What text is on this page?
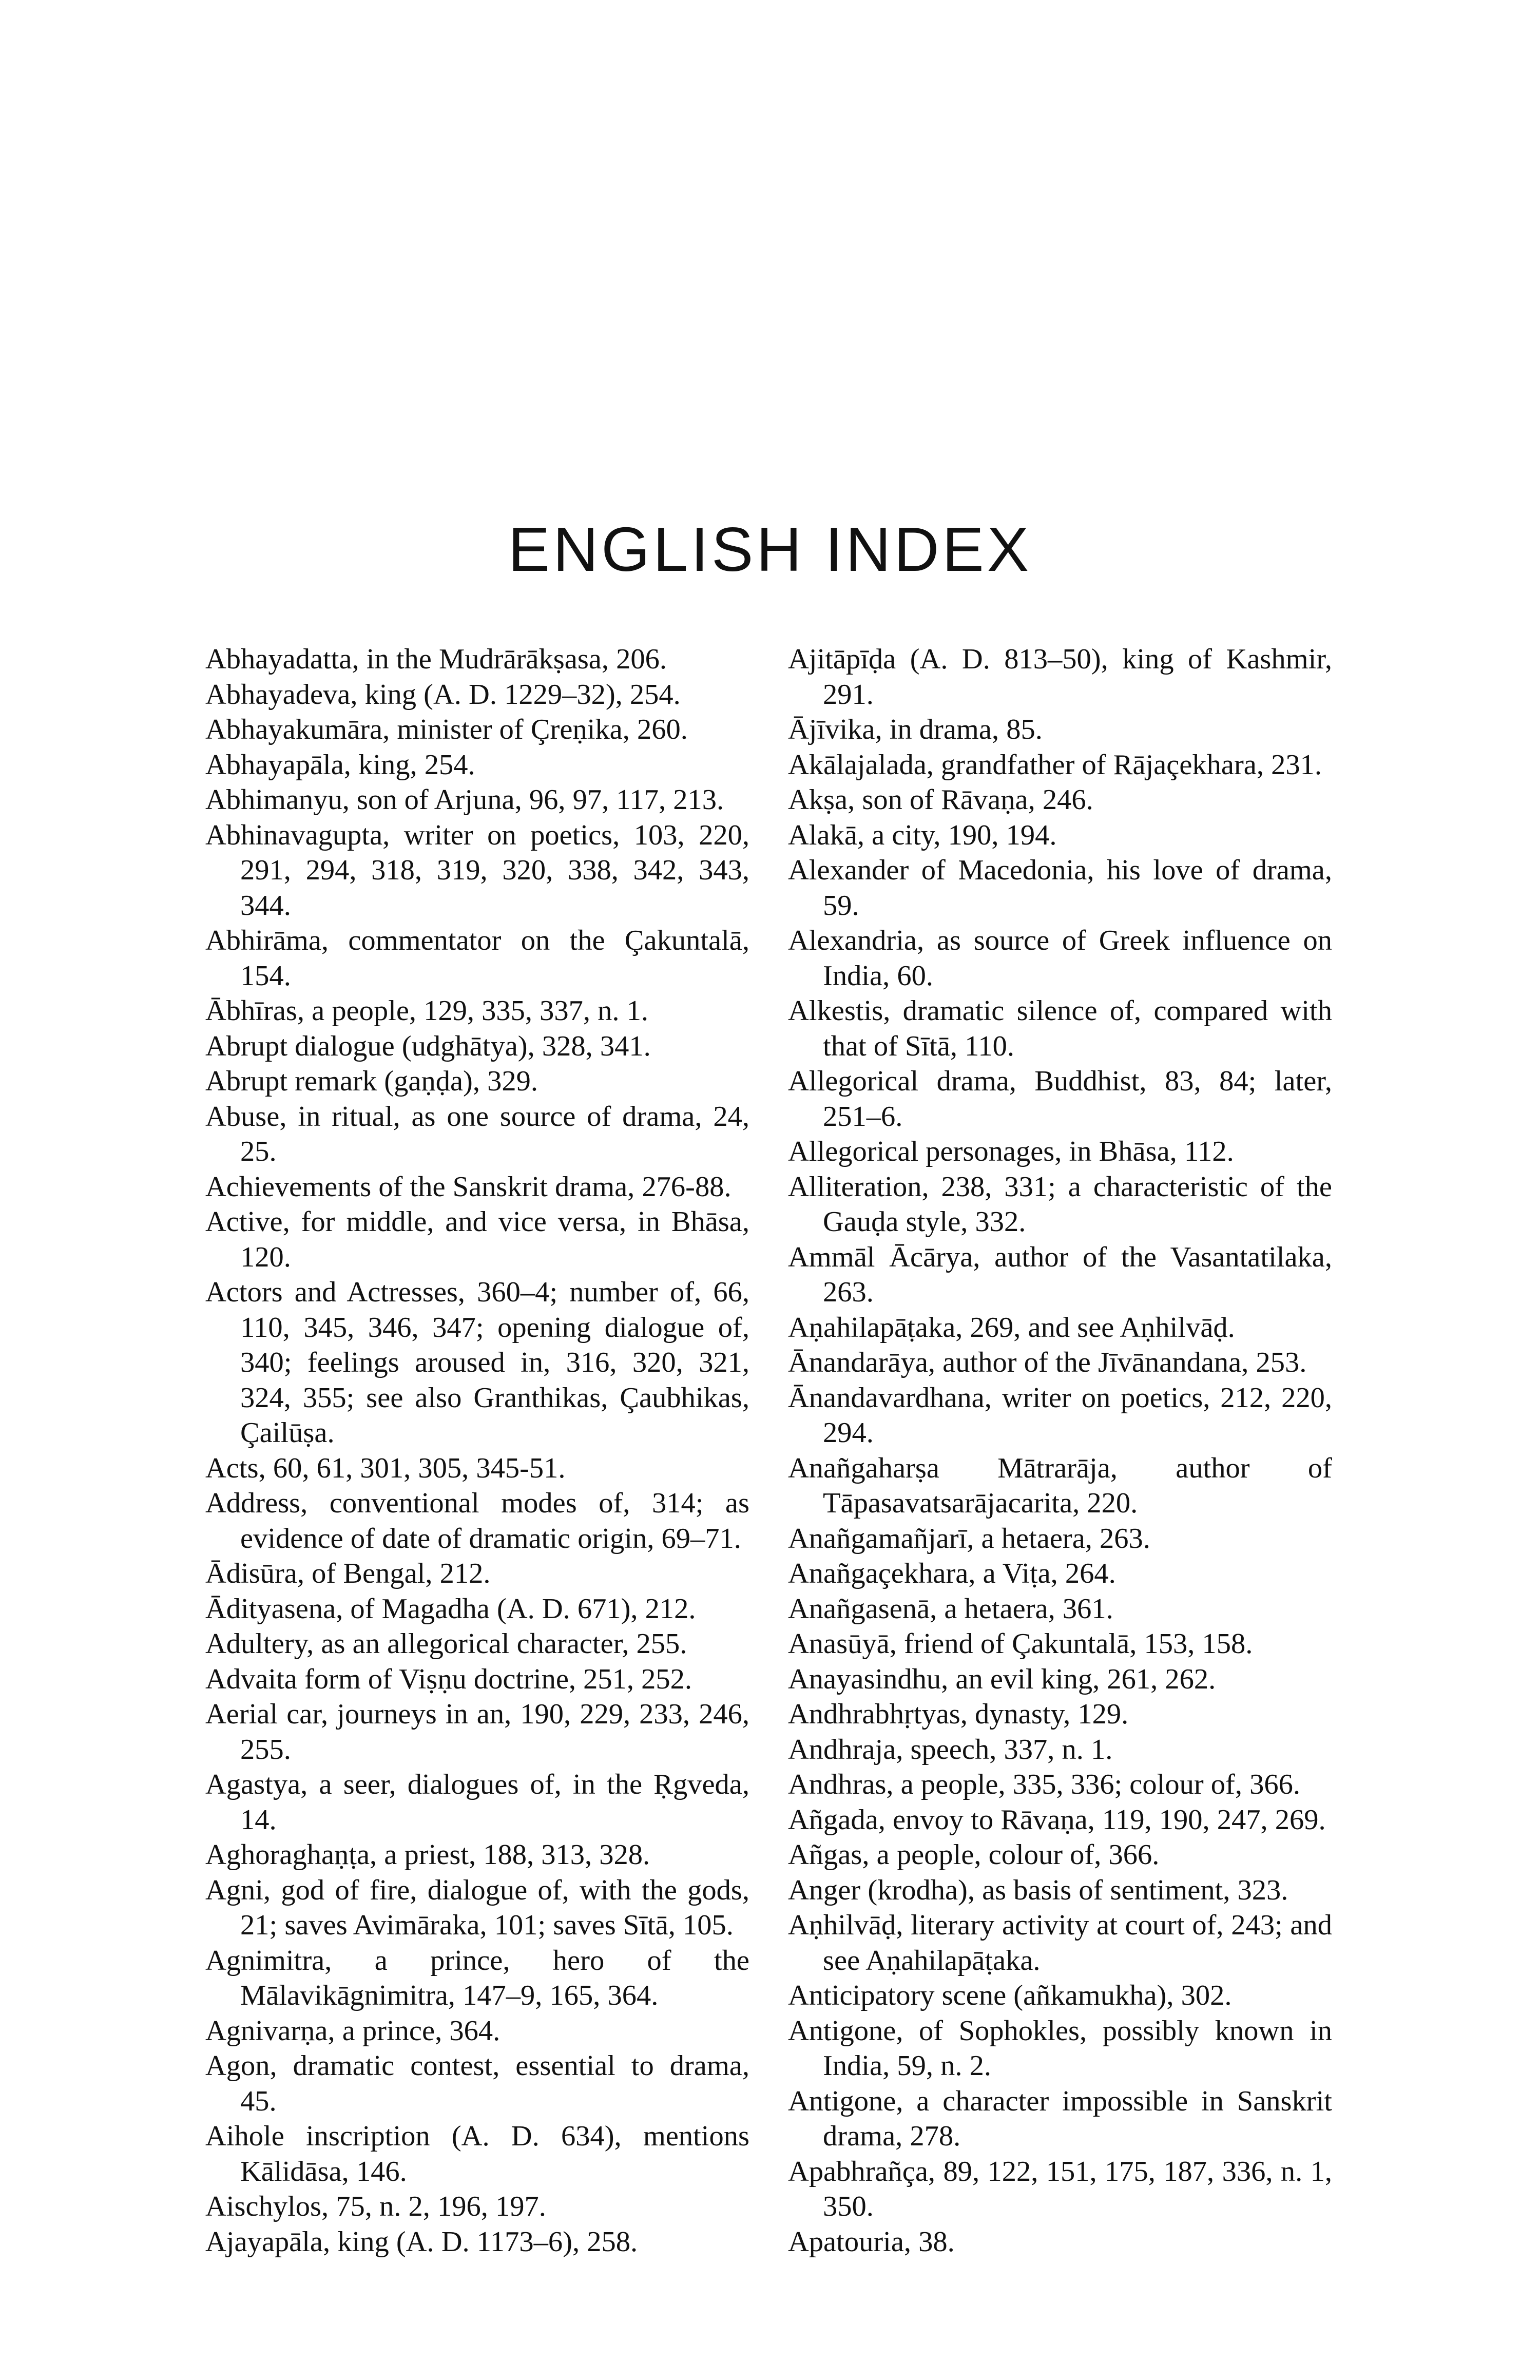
ENGLISH INDEX
Abhayadatta, in the Mudrārākṣasa, 206.
Abhayadeva, king (A. D. 1229–32), 254.
Abhayakumāra, minister of Çreṇika, 260.
Abhayapāla, king, 254.
Abhimanyu, son of Arjuna, 96, 97, 117, 213.
Abhinavagupta, writer on poetics, 103, 220, 291, 294, 318, 319, 320, 338, 342, 343, 344.
Abhirāma, commentator on the Çakuntalā, 154.
Ābhīras, a people, 129, 335, 337, n. 1.
Abrupt dialogue (udghātya), 328, 341.
Abrupt remark (gaṇḍa), 329.
Abuse, in ritual, as one source of drama, 24, 25.
Achievements of the Sanskrit drama, 276-88.
Active, for middle, and vice versa, in Bhāsa, 120.
Actors and Actresses, 360–4; number of, 66, 110, 345, 346, 347; opening dialogue of, 340; feelings aroused in, 316, 320, 321, 324, 355; see also Granthikas, Çaubhikas, Çailūṣa.
Acts, 60, 61, 301, 305, 345-51.
Address, conventional modes of, 314; as evidence of date of dramatic origin, 69–71.
Ādisūra, of Bengal, 212.
Ādityasena, of Magadha (A. D. 671), 212.
Adultery, as an allegorical character, 255.
Advaita form of Viṣṇu doctrine, 251, 252.
Aerial car, journeys in an, 190, 229, 233, 246, 255.
Agastya, a seer, dialogues of, in the Ṛgveda, 14.
Aghoraghaṇṭa, a priest, 188, 313, 328.
Agni, god of fire, dialogue of, with the gods, 21; saves Avimāraka, 101; saves Sītā, 105.
Agnimitra, a prince, hero of the Mālavikāgnimitra, 147–9, 165, 364.
Agnivarṇa, a prince, 364.
Agon, dramatic contest, essential to drama, 45.
Aihole inscription (A. D. 634), mentions Kālidāsa, 146.
Aischylos, 75, n. 2, 196, 197.
Ajayapāla, king (A. D. 1173–6), 258.
Ajitāpīḍa (A. D. 813–50), king of Kashmir, 291.
Ājīvika, in drama, 85.
Akālajalada, grandfather of Rājaçekhara, 231.
Akṣa, son of Rāvaṇa, 246.
Alakā, a city, 190, 194.
Alexander of Macedonia, his love of drama, 59.
Alexandria, as source of Greek influence on India, 60.
Alkestis, dramatic silence of, compared with that of Sītā, 110.
Allegorical drama, Buddhist, 83, 84; later, 251–6.
Allegorical personages, in Bhāsa, 112.
Alliteration, 238, 331; a characteristic of the Gauḍa style, 332.
Ammāl Ācārya, author of the Vasantatilaka, 263.
Aṇahilapāṭaka, 269, and see Aṇhilvāḍ.
Ānandarāya, author of the Jīvānandana, 253.
Ānandavardhana, writer on poetics, 212, 220, 294.
Anañgaharṣa Mātrarāja, author of Tāpasavatsarājacarita, 220.
Anañgamañjarī, a hetaera, 263.
Anañgaçekhara, a Viṭa, 264.
Anañgasenā, a hetaera, 361.
Anasūyā, friend of Çakuntalā, 153, 158.
Anayasindhu, an evil king, 261, 262.
Andhrabhṛtyas, dynasty, 129.
Andhraja, speech, 337, n. 1.
Andhras, a people, 335, 336; colour of, 366.
Añgada, envoy to Rāvaṇa, 119, 190, 247, 269.
Añgas, a people, colour of, 366.
Anger (krodha), as basis of sentiment, 323.
Aṇhilvāḍ, literary activity at court of, 243; and see Aṇahilapāṭaka.
Anticipatory scene (añkamukha), 302.
Antigone, of Sophokles, possibly known in India, 59, n. 2.
Antigone, a character impossible in Sanskrit drama, 278.
Apabhrañça, 89, 122, 151, 175, 187, 336, n. 1, 350.
Apatouria, 38.
